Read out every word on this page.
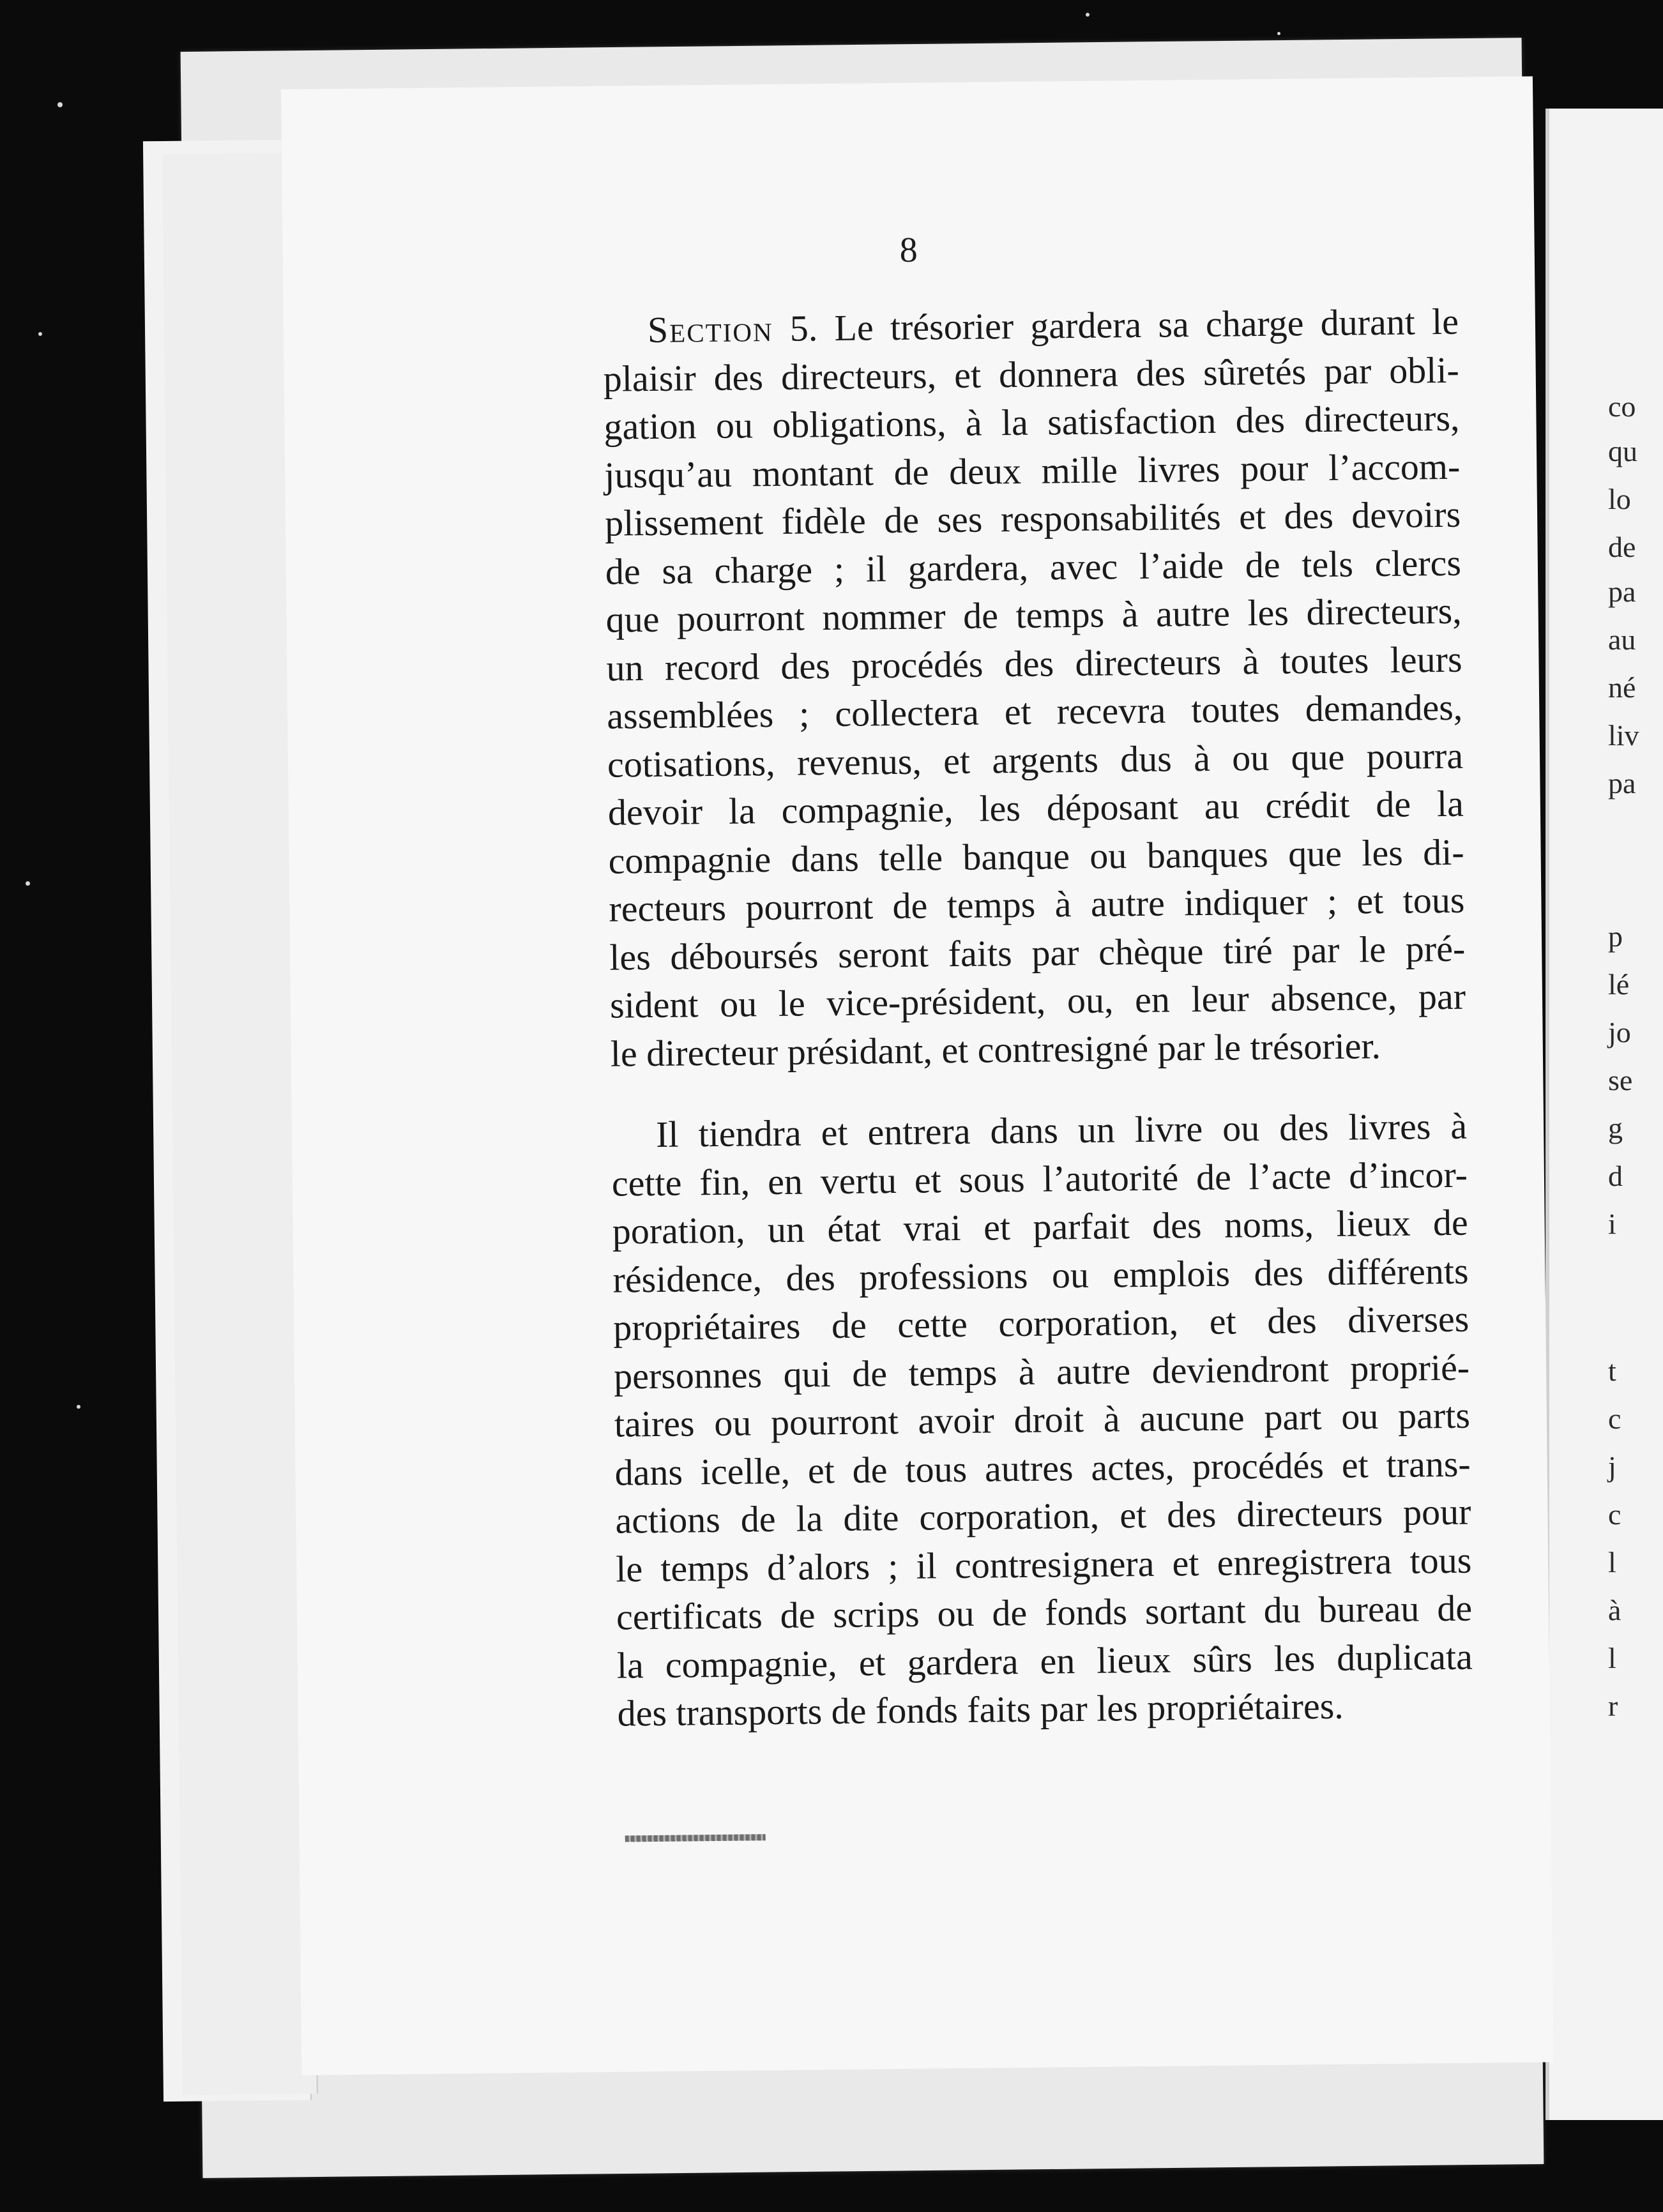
co
qu
lo
de
pa
au
né
liv
pa
p
lé
jo
se
g
d
i
t
c
j
c
l
à
l
r
8

Section 5. Le trésorier gardera sa charge durant le
plaisir des directeurs, et donnera des sûretés par obli-
gation ou obligations, à la satisfaction des directeurs,
jusqu’au montant de deux mille livres pour l’accom-
plissement fidèle de ses responsabilités et des devoirs
de sa charge ; il gardera, avec l’aide de tels clercs
que pourront nommer de temps à autre les directeurs,
un record des procédés des directeurs à toutes leurs
assemblées ; collectera et recevra toutes demandes,
cotisations, revenus, et argents dus à ou que pourra
devoir la compagnie, les déposant au crédit de la
compagnie dans telle banque ou banques que les di-
recteurs pourront de temps à autre indiquer ; et tous
les déboursés seront faits par chèque tiré par le pré-
sident ou le vice-président, ou, en leur absence, par
le directeur présidant, et contresigné par le trésorier.

Il tiendra et entrera dans un livre ou des livres à
cette fin, en vertu et sous l’autorité de l’acte d’incor-
poration, un état vrai et parfait des noms, lieux de
résidence, des professions ou emplois des différents
propriétaires de cette corporation, et des diverses
personnes qui de temps à autre deviendront proprié-
taires ou pourront avoir droit à aucune part ou parts
dans icelle, et de tous autres actes, procédés et trans-
actions de la dite corporation, et des directeurs pour
le temps d’alors ; il contresignera et enregistrera tous
certificats de scrips ou de fonds sortant du bureau de
la compagnie, et gardera en lieux sûrs les duplicata
des transports de fonds faits par les propriétaires.
